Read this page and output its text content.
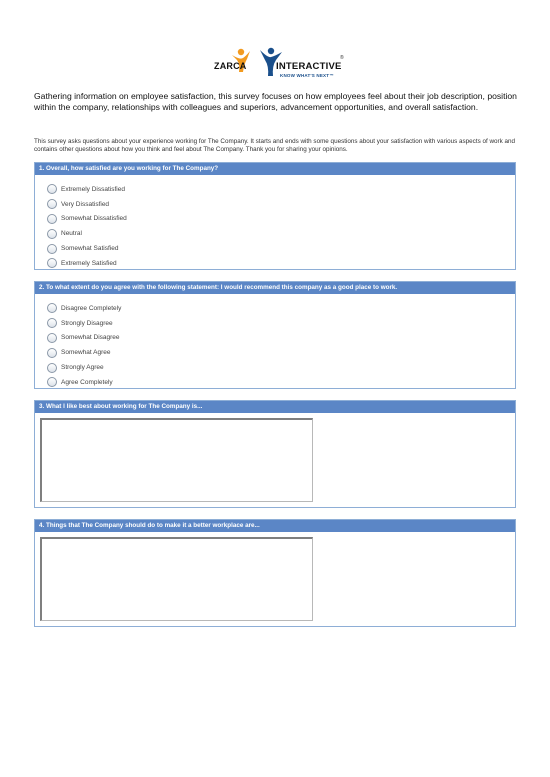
ZARCA	INTERACTIVE
®
KNOW WHAT'S NEXT™

Gathering information on employee satisfaction, this survey focuses on how employees feel about their job description, position within the company, relationships with colleagues and superiors, advancement opportunities, and overall satisfaction.

This survey asks questions about your experience working for The Company. It starts and ends with some questions about your satisfaction with various aspects of work and contains other questions about how you think and feel about The Company. Thank you for sharing your opinions.

1. Overall, how satisfied are you working for The Company?
Extremely Dissatisfied
Very Dissatisfied
Somewhat Dissatisfied
Neutral
Somewhat Satisfied
Extremely Satisfied
2. To what extent do you agree with the following statement: I would recommend this company as a good place to work.
Disagree Completely
Strongly Disagree
Somewhat Disagree
Somewhat Agree
Strongly Agree
Agree Completely
3. What I like best about working for The Company is...
4. Things that The Company should do to make it a better workplace are...
